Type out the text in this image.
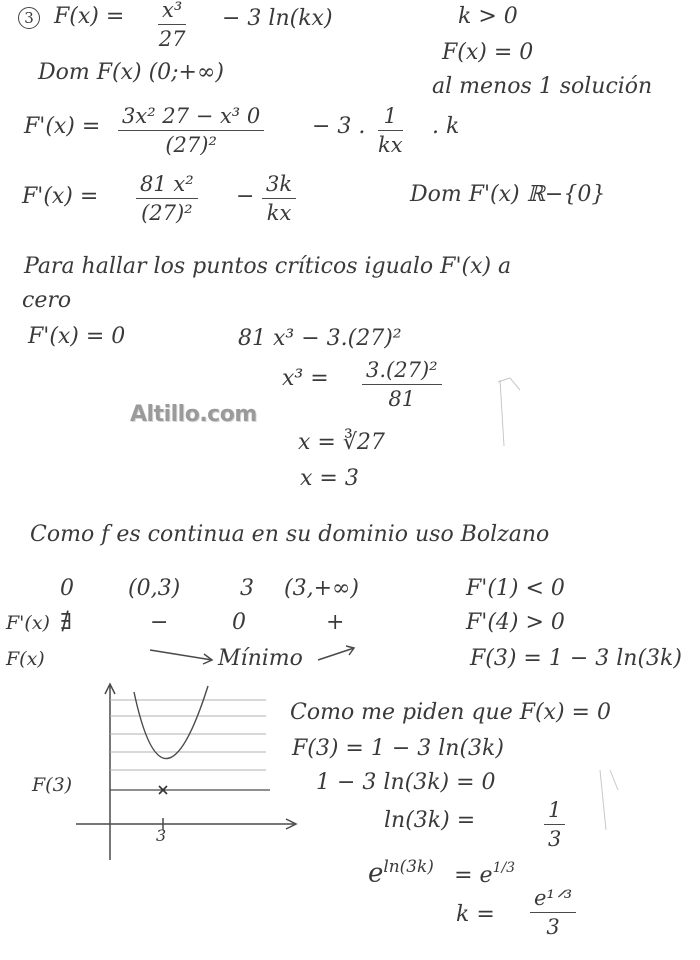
3 $F(x) = \frac{\text{x³}}{27} - 3$ ln(kx)	k > 0
F(x) = 0
al menos 1 solución
Dom F(x) (0;+∞)
$F'(x) = \frac{\text{3x² 27 − x³ 0}}{\text{(27)²}} - 3$ . $\frac{1}{kx}$ . k
$F'(x) = \frac{\text{81 x²}}{\text{(27)²}} - \frac{3k}{kx}$	Dom F'(x) ℝ−{0}
Para hallar los puntos críticos igualo F'(x) a
cero
F'(x) = 0	81 x³ − 3.(27)²
$x^3 = \frac{\text{3.(27)²}}{81}$
Altillo.com
x = ∛27
x = 3
Como f es continua en su dominio uso Bolzano
0 (0,3)	3 (3,+∞)
F'(x) ∄	−	0	+
F(x)	Mínimo
F'(1) < 0
F'(4) > 0
F(3) = 1 − 3 ln(3k)
F(3)
3
Como me piden que F(x) = 0
F(3) = 1 − 3 ln(3k)
1 − 3 ln(3k) = 0
ln(3k) =	$\frac{1}{3}$
$e^{ln(3k)} = e^{1/3}$
k =
e¹ᐟ³
3
